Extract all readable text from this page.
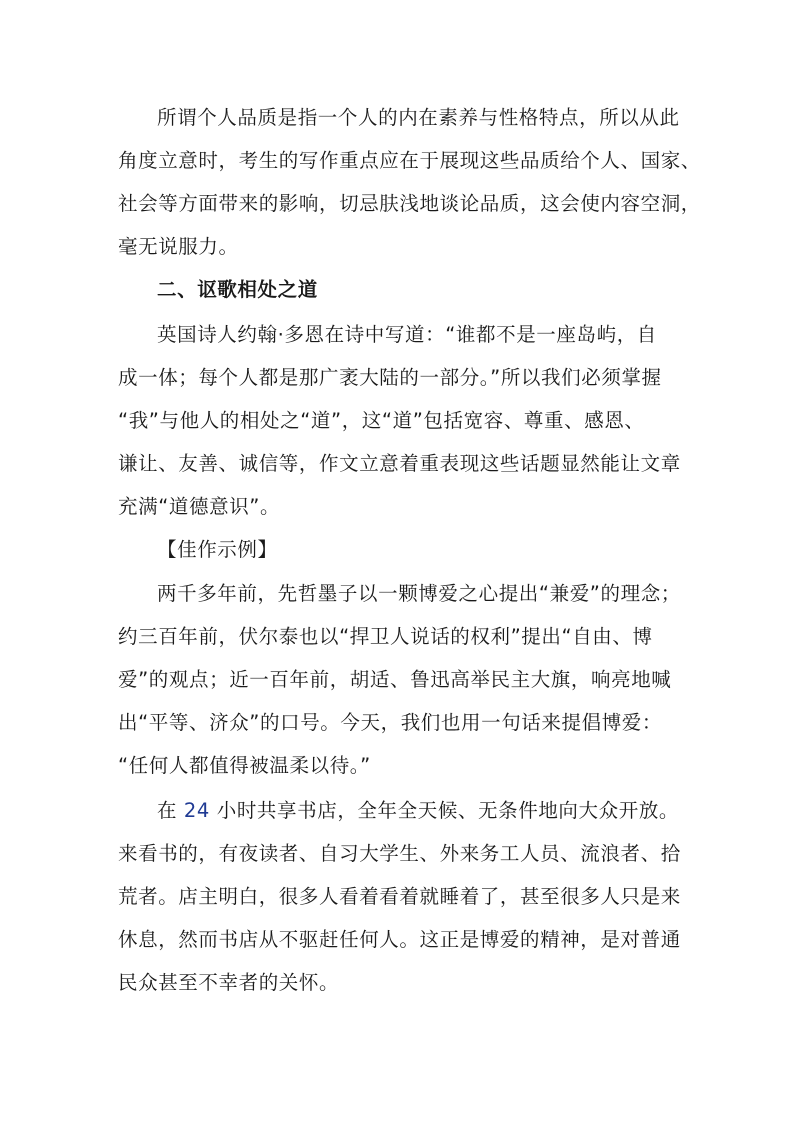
所谓个人品质是指一个人的内在素养与性格特点，所以从此
角度立意时，考生的写作重点应在于展现这些品质给个人、国家、
社会等方面带来的影响，切忌肤浅地谈论品质，这会使内容空洞，
毫无说服力。
二、讴歌相处之道
英国诗人约翰·多恩在诗中写道：“谁都不是一座岛屿，自
成一体；每个人都是那广袤大陆的一部分。”所以我们必须掌握
“我”与他人的相处之“道”，这“道”包括宽容、尊重、感恩、
谦让、友善、诚信等，作文立意着重表现这些话题显然能让文章
充满“道德意识”。
【佳作示例】
两千多年前，先哲墨子以一颗博爱之心提出“兼爱”的理念；
约三百年前，伏尔泰也以“捍卫人说话的权利”提出“自由、博
爱”的观点；近一百年前，胡适、鲁迅高举民主大旗，响亮地喊
出“平等、济众”的口号。今天，我们也用一句话来提倡博爱：
“任何人都值得被温柔以待。”
在 24 小时共享书店，全年全天候、无条件地向大众开放。
来看书的，有夜读者、自习大学生、外来务工人员、流浪者、拾
荒者。店主明白，很多人看着看着就睡着了，甚至很多人只是来
休息，然而书店从不驱赶任何人。这正是博爱的精神，是对普通
民众甚至不幸者的关怀。
